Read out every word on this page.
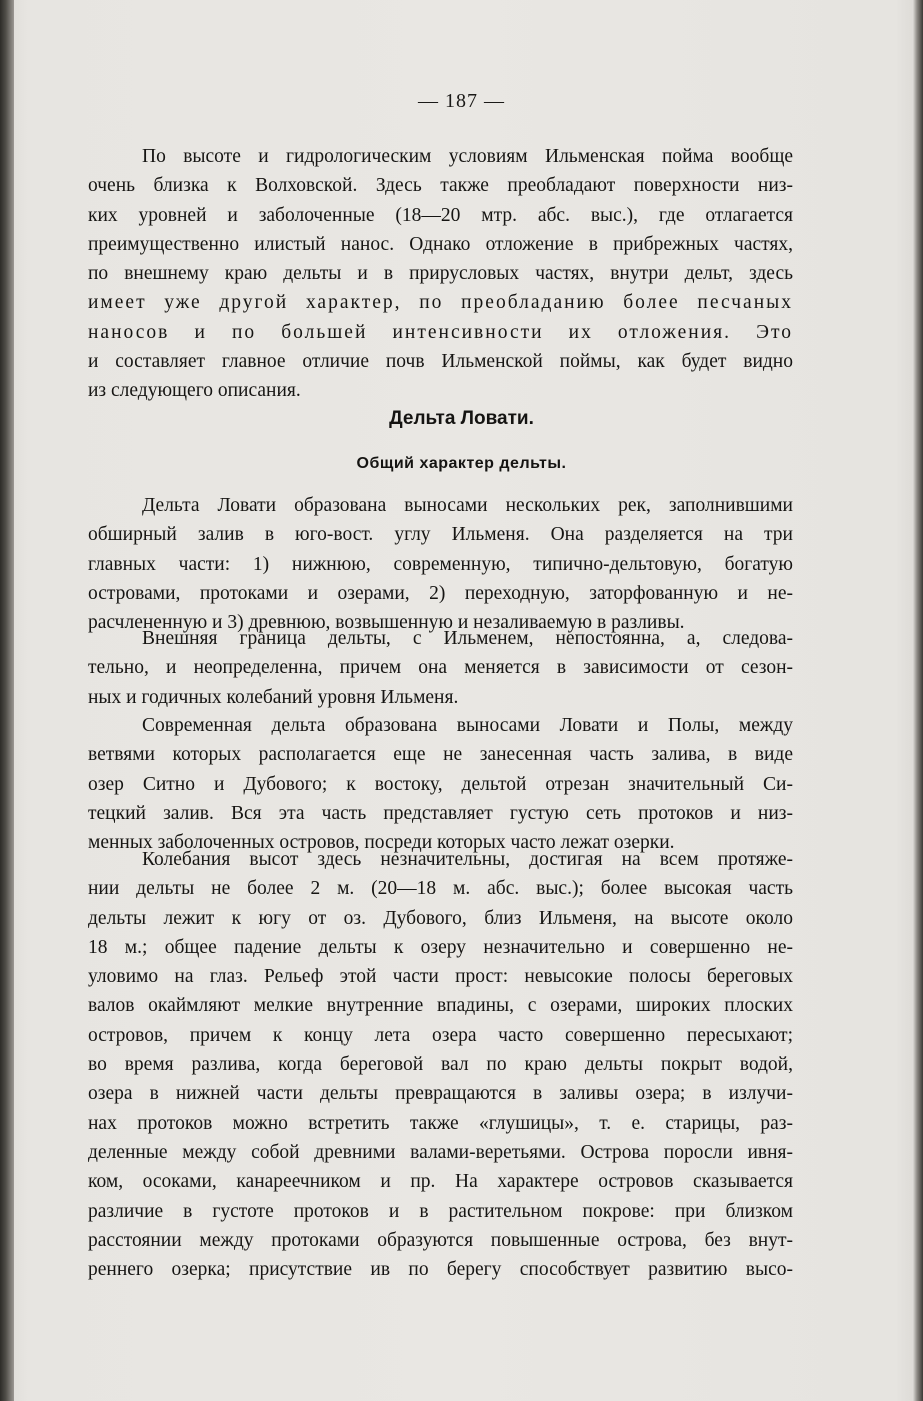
— 187 —
По высоте и гидрологическим условиям Ильменская пойма вообще
очень близка к Волховской. Здесь также преобладают поверхности низ-
ких уровней и заболоченные (18—20 мтр. абс. выс.), где отлагается
преимущественно илистый нанос. Однако отложение в прибрежных частях,
по внешнему краю дельты и в прирусловых частях, внутри дельт, здесь
имеет уже другой характер, по преобладанию более песчаных
наносов и по большей интенсивности их отложения. Это
и составляет главное отличие почв Ильменской поймы, как будет видно
из следующего описания.
Дельта Ловати.
Общий характер дельты.
Дельта Ловати образована выносами нескольких рек, заполнившими
обширный залив в юго-вост. углу Ильменя. Она разделяется на три
главных части: 1) нижнюю, современную, типично-дельтовую, богатую
островами, протоками и озерами, 2) переходную, заторфованную и не-
расчлененную и 3) древнюю, возвышенную и незаливаемую в разливы.
Внешняя граница дельты, с Ильменем, непостоянна, а, следова-
тельно, и неопределенна, причем она меняется в зависимости от сезон-
ных и годичных колебаний уровня Ильменя.
Современная дельта образована выносами Ловати и Полы, между
ветвями которых располагается еще не занесенная часть залива, в виде
озер Ситно и Дубового; к востоку, дельтой отрезан значительный Си-
тецкий залив. Вся эта часть представляет густую сеть протоков и низ-
менных заболоченных островов, посреди которых часто лежат озерки.
Колебания высот здесь незначительны, достигая на всем протяже-
нии дельты не более 2 м. (20—18 м. абс. выс.); более высокая часть
дельты лежит к югу от оз. Дубового, близ Ильменя, на высоте около
18 м.; общее падение дельты к озеру незначительно и совершенно не-
уловимо на глаз. Рельеф этой части прост: невысокие полосы береговых
валов окаймляют мелкие внутренние впадины, с озерами, широких плоских
островов, причем к концу лета озера часто совершенно пересыхают;
во время разлива, когда береговой вал по краю дельты покрыт водой,
озера в нижней части дельты превращаются в заливы озера; в излучи-
нах протоков можно встретить также «глушицы», т. е. старицы, раз-
деленные между собой древними валами-веретьями. Острова поросли ивня-
ком, осоками, канареечником и пр. На характере островов сказывается
различие в густоте протоков и в растительном покрове: при близком
расстоянии между протоками образуются повышенные острова, без внут-
реннего озерка; присутствие ив по берегу способствует развитию высо-
